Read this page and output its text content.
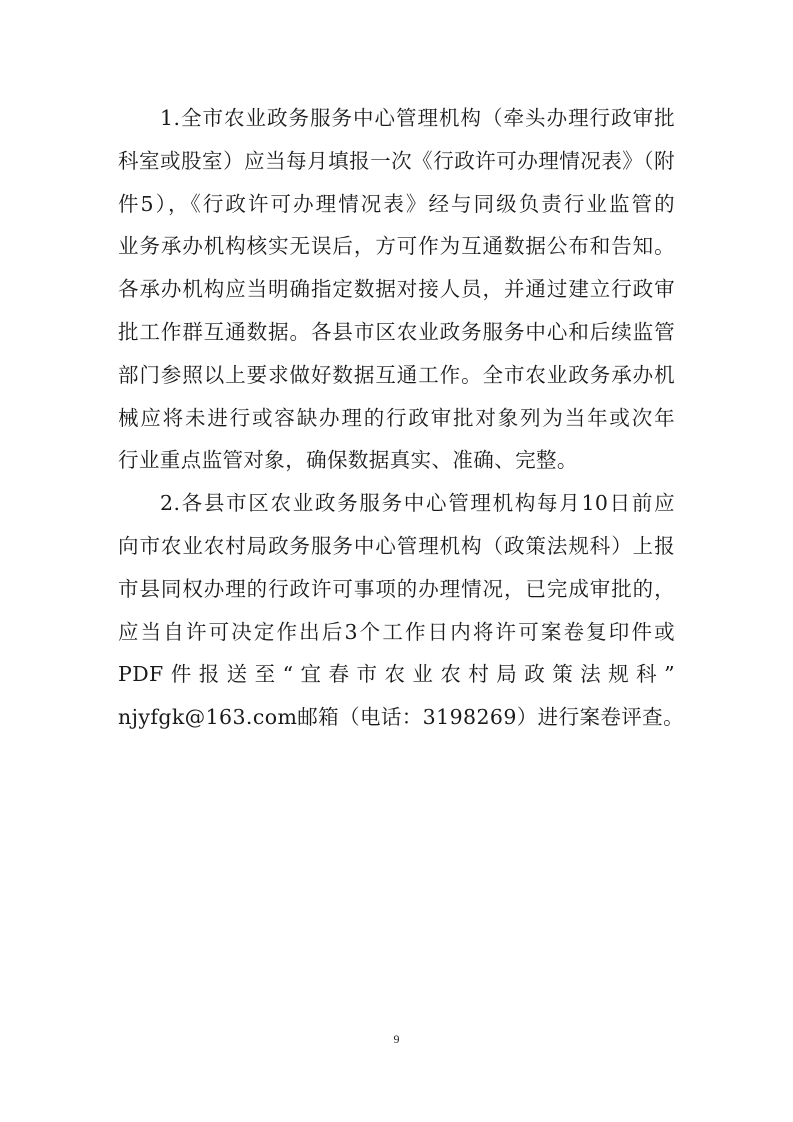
1.全市农业政务服务中心管理机构（牵头办理行政审批
科室或股室）应当每月填报一次《行政许可办理情况表》（附
件5），《行政许可办理情况表》经与同级负责行业监管的
业务承办机构核实无误后，方可作为互通数据公布和告知。
各承办机构应当明确指定数据对接人员，并通过建立行政审
批工作群互通数据。各县市区农业政务服务中心和后续监管
部门参照以上要求做好数据互通工作。全市农业政务承办机
械应将未进行或容缺办理的行政审批对象列为当年或次年
行业重点监管对象，确保数据真实、准确、完整。
2.各县市区农业政务服务中心管理机构每月10日前应
向市农业农村局政务服务中心管理机构（政策法规科）上报
市县同权办理的行政许可事项的办理情况，已完成审批的，
应当自许可决定作出后3个工作日内将许可案卷复印件或
PDF件报送至“宜春市农业农村局政策法规科”
njyfgk@163.com邮箱（电话：3198269）进行案卷评查。
9
